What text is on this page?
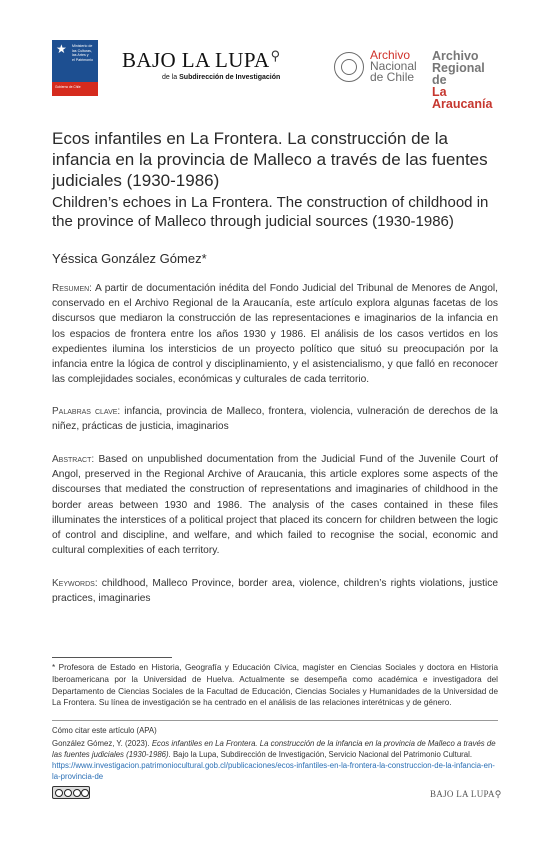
★	Ministerio de
las Culturas,
las Artes y
el Patrimonio
Gobierno de Chile
BAJO LA LUPA⚲
de la Subdirección de Investigación
Archivo
Nacional
de Chile
Archivo
Regional de
La Araucanía
Ecos infantiles en La Frontera. La construcción de la infancia en la provincia de Malleco a través de las fuentes judiciales (1930-1986)
Children’s echoes in La Frontera. The construction of childhood in the province of Malleco through judicial sources (1930-1986)
Yéssica González Gómez*
Resumen: A partir de documentación inédita del Fondo Judicial del Tribunal de Menores de Angol, conservado en el Archivo Regional de la Araucanía, este artículo explora algunas facetas de los discursos que mediaron la construcción de las representaciones e imaginarios de la infancia en los espacios de frontera entre los años 1930 y 1986. El análisis de los casos vertidos en los expedientes ilumina los intersticios de un proyecto político que situó su preocupación por la infancia entre la lógica de control y disciplinamiento, y el asistencialismo, y que falló en reconocer las complejidades sociales, económicas y culturales de cada territorio.
Palabras clave: infancia, provincia de Malleco, frontera, violencia, vulneración de derechos de la niñez, prácticas de justicia, imaginarios
Abstract: Based on unpublished documentation from the Judicial Fund of the Juvenile Court of Angol, preserved in the Regional Archive of Araucania, this article explores some aspects of the discourses that mediated the construction of representations and imaginaries of childhood in the border areas between 1930 and 1986. The analysis of the cases contained in these files illuminates the interstices of a political project that placed its concern for children between the logic of control and discipline, and welfare, and which failed to recognise the social, economic and cultural complexities of each territory.
Keywords: childhood, Malleco Province, border area, violence, children’s rights violations, justice practices, imaginaries
* Profesora de Estado en Historia, Geografía y Educación Cívica, magíster en Ciencias Sociales y doctora en Historia Iberoamericana por la Universidad de Huelva. Actualmente se desempeña como académica e investigadora del Departamento de Ciencias Sociales de la Facultad de Educación, Ciencias Sociales y Humanidades de la Universidad de La Frontera. Su línea de investigación se ha centrado en el análisis de las relaciones interétnicas y de género.
Cómo citar este artículo (APA)
González Gómez, Y. (2023). Ecos infantiles en La Frontera. La construcción de la infancia en la provincia de Malleco a través de las fuentes judiciales (1930-1986). Bajo la Lupa, Subdirección de Investigación, Servicio Nacional del Patrimonio Cultural. https://www.investigacion.patrimoniocultural.gob.cl/publicaciones/ecos-infantiles-en-la-frontera-la-construccion-de-la-infancia-en-la-provincia-de
BAJO LA LUPA⚲
